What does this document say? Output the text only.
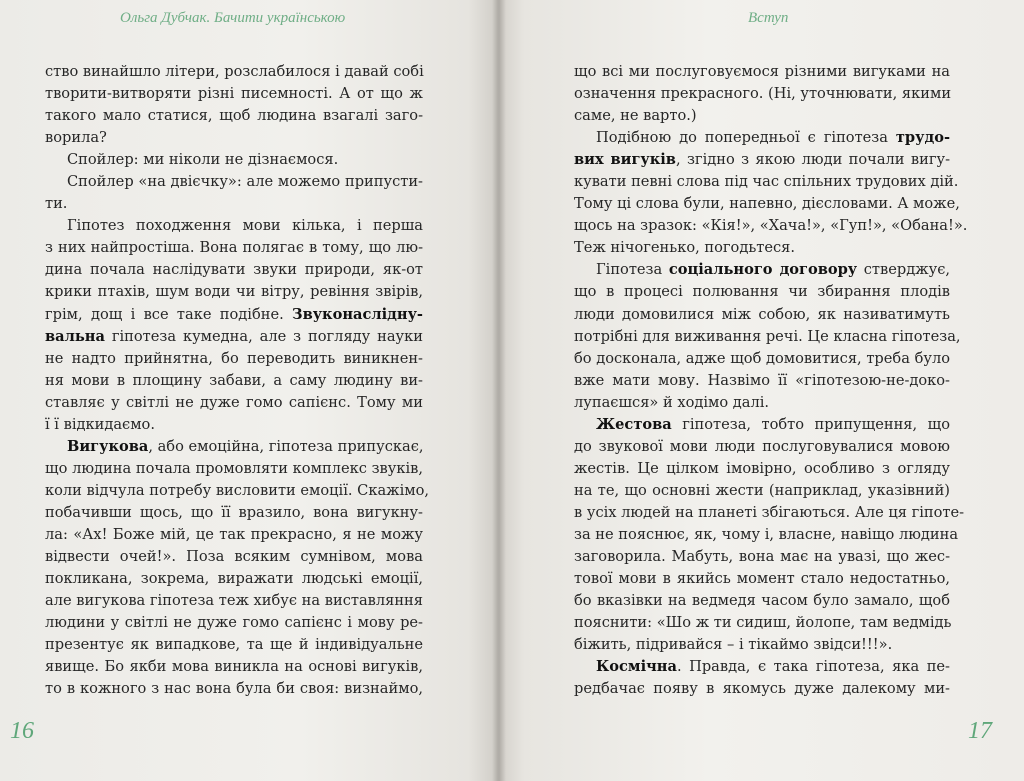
Ольга Дубчак. Бачити українською
ство винайшло літери, розслабилося і давай собі
творити-витворяти різні писемності. А от що ж
такого мало статися, щоб людина взагалі заго-
ворила?
Спойлер: ми ніколи не дізнаємося.
Спойлер «на двієчку»: але можемо припусти-
ти.
Гіпотез походження мови кілька, і перша
з них найпростіша. Вона полягає в тому, що лю-
дина почала наслідувати звуки природи, як-от
крики птахів, шум води чи вітру, ревіння звірів,
грім, дощ і все таке подібне. Звуконаслідну-
вальна гіпотеза кумедна, але з погляду науки
не надто прийнятна, бо переводить виникнен-
ня мови в площину забави, а саму людину ви-
ставляє у світлі не дуже гомо сапієнс. Тому ми
ї ї відкидаємо.
Вигукова, або емоційна, гіпотеза припускає,
що людина почала промовляти комплекс звуків,
коли відчула потребу висловити емоції. Скажімо,
побачивши щось, що її вразило, вона вигукну-
ла: «Ах! Боже мій, це так прекрасно, я не можу
відвести очей!». Поза всяким сумнівом, мова
покликана, зокрема, виражати людські емоції,
але вигукова гіпотеза теж хибує на виставляння
людини у світлі не дуже гомо сапієнс і мову ре-
презентує як випадкове, та ще й індивідуальне
явище. Бо якби мова виникла на основі вигуків,
то в кожного з нас вона була би своя: визнаймо,
16
Вступ
що всі ми послуговуємося різними вигуками на
означення прекрасного. (Ні, уточнювати, якими
саме, не варто.)
Подібною до попередньої є гіпотеза трудо-
вих вигуків, згідно з якою люди почали вигу-
кувати певні слова під час спільних трудових дій.
Тому ці слова були, напевно, дієсловами. А може,
щось на зразок: «Кія!», «Хача!», «Гуп!», «Обана!».
Теж нічогенько, погодьтеся.
Гіпотеза соціального договору стверджує,
що в процесі полювання чи збирання плодів
люди домовилися між собою, як називатимуть
потрібні для виживання речі. Це класна гіпотеза,
бо досконала, адже щоб домовитися, треба було
вже мати мову. Назвімо її «гіпотезою-не-доко-
лупаєшся» й ходімо далі.
Жестова гіпотеза, тобто припущення, що
до звукової мови люди послуговувалися мовою
жестів. Це цілком імовірно, особливо з огляду
на те, що основні жести (наприклад, указівний)
в усіх людей на планеті збігаються. Але ця гіпоте-
за не пояснює, як, чому і, власне, навіщо людина
заговорила. Мабуть, вона має на увазі, що жес-
тової мови в якийсь момент стало недостатньо,
бо вказівки на ведмедя часом було замало, щоб
пояснити: «Шо ж ти сидиш, йолопе, там ведмідь
біжить, підривайся – і тікаймо звідси!!!».
Космічна. Правда, є така гіпотеза, яка пе-
редбачає появу в якомусь дуже далекому ми-
17
